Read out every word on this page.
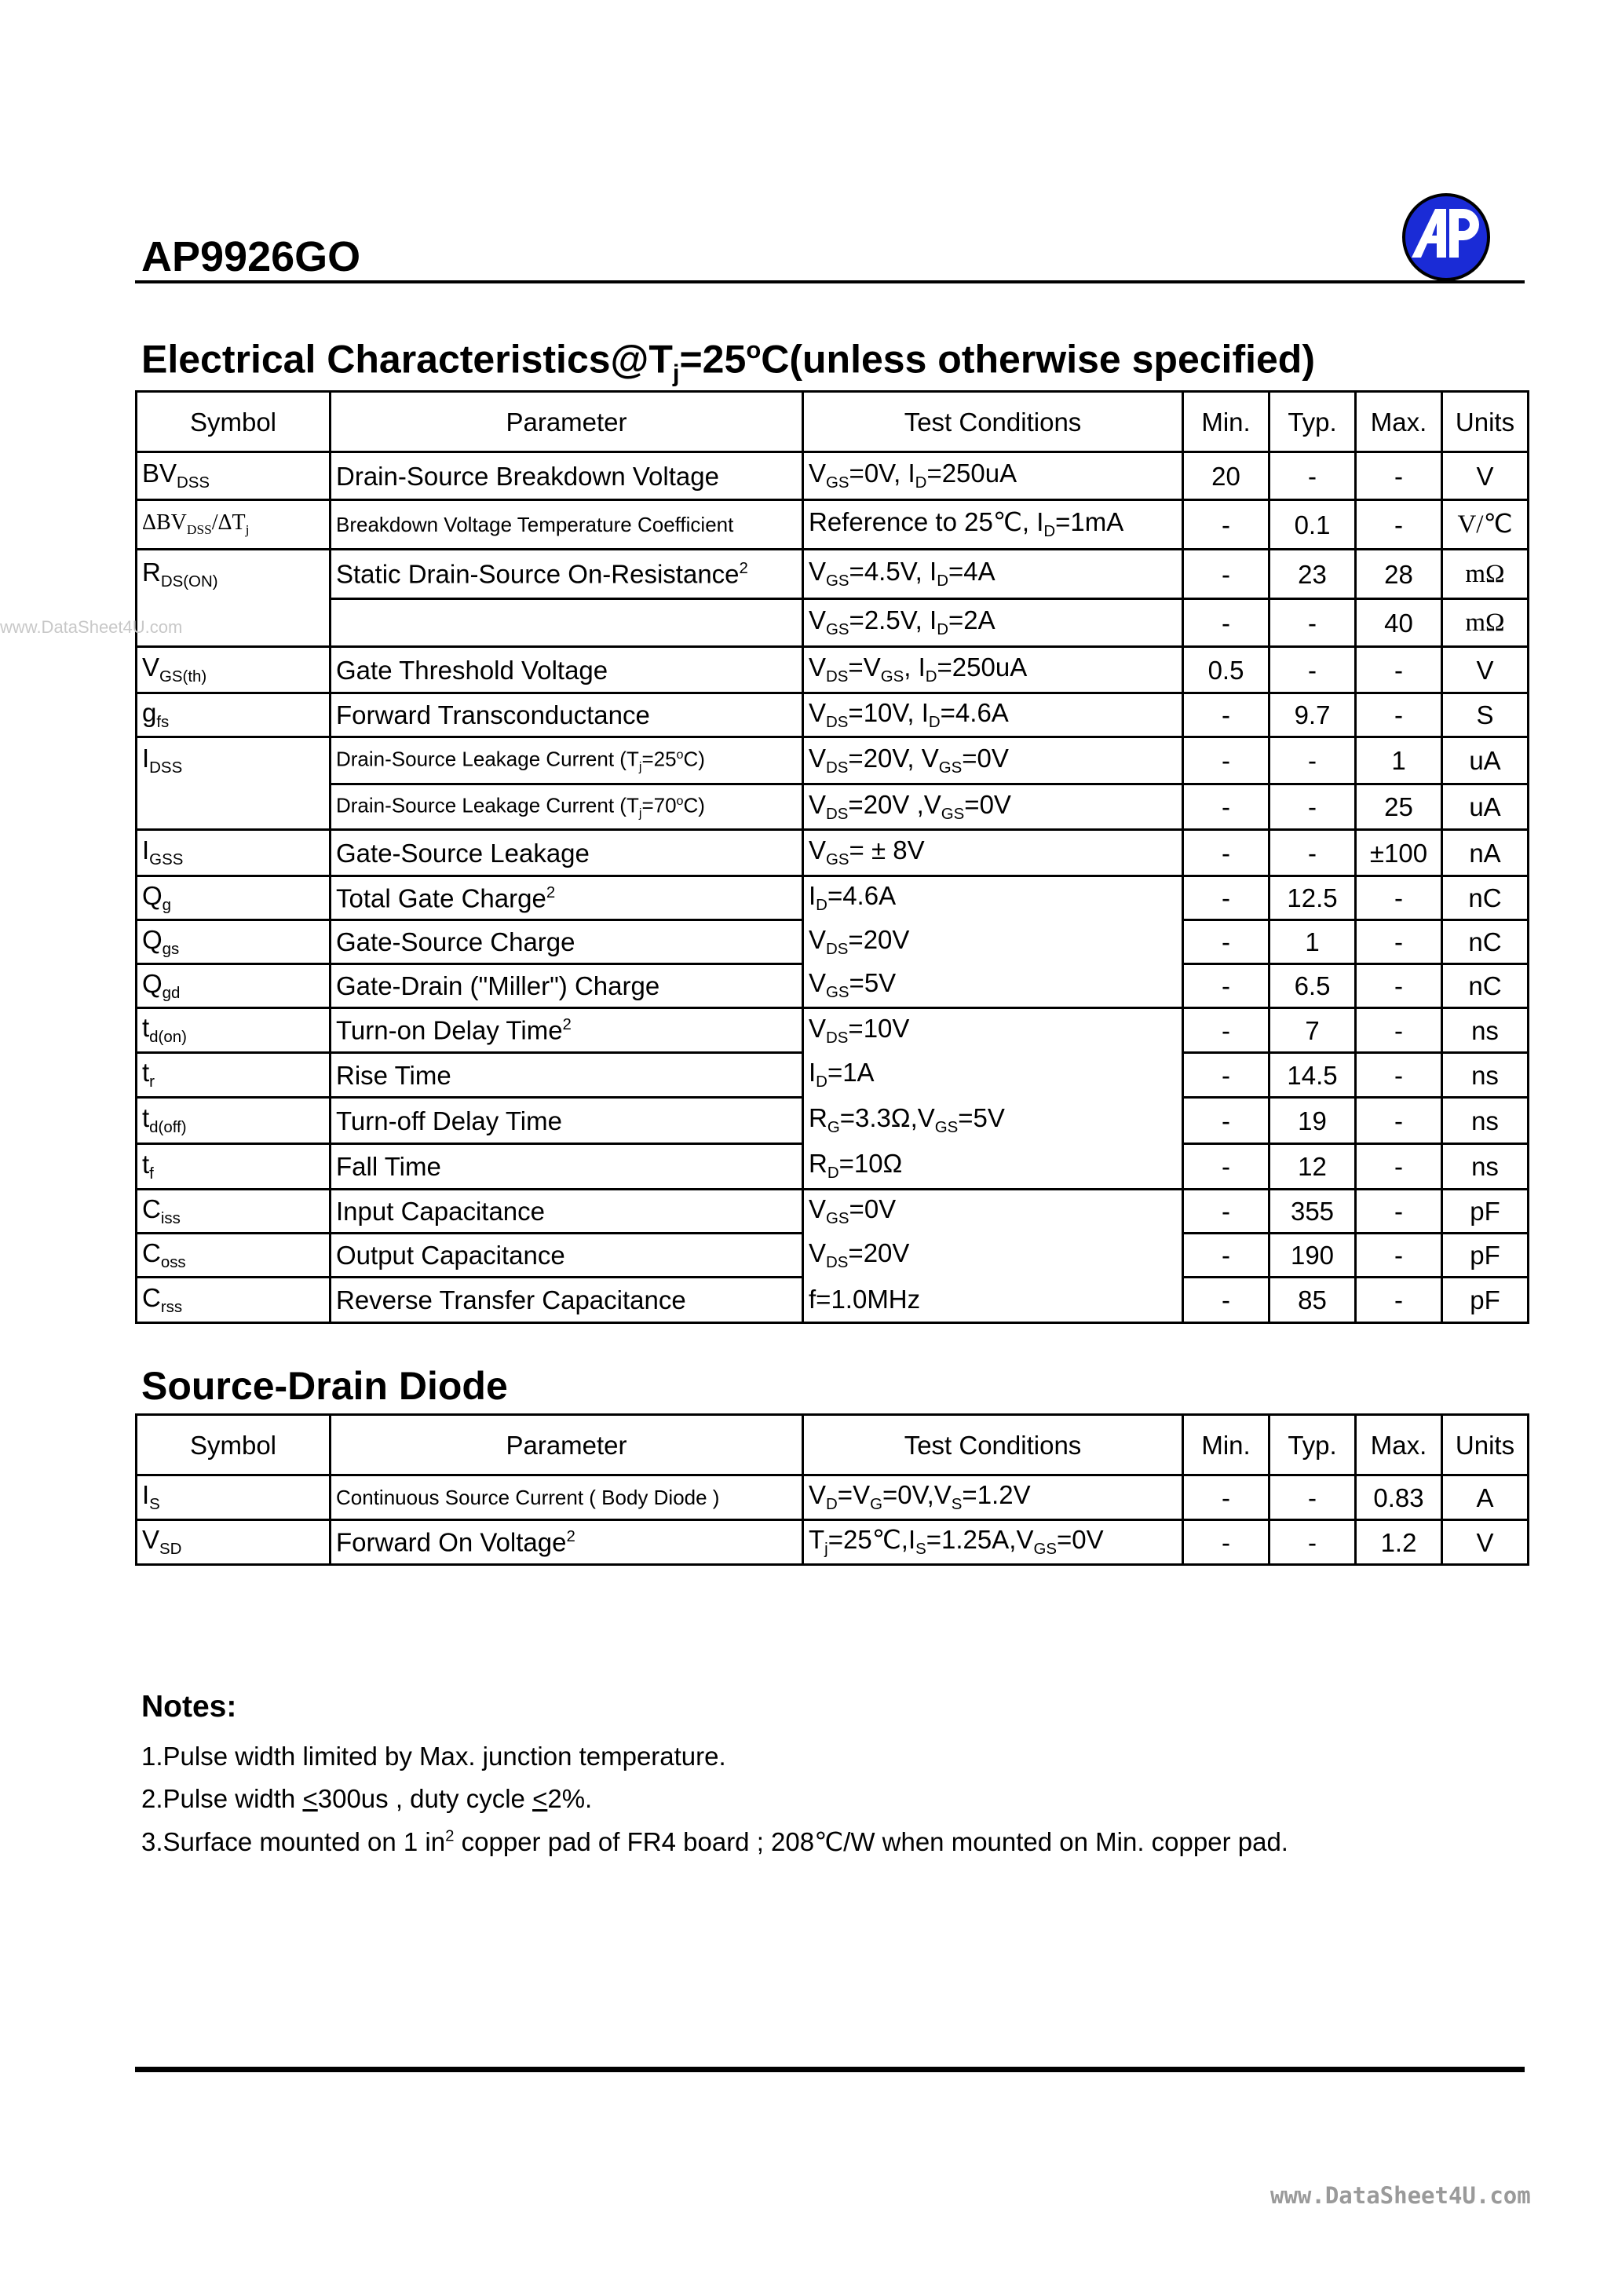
AP9926GO
Electrical $Characteristics@T_j=25^oC(unless$ otherwise specified)
Symbol	Parameter	Test Conditions	Min.	Typ.	Max.	Units
$BV_{DSS}$	Drain-Source Breakdown Voltage	$V_{GS}=0V$, $I_D=250uA$	20	-	-	V
$\Delta BV_{DSS}/\Delta T_j$	Breakdown Voltage Temperature Coefficient	Reference to 25℃, $I_D=1mA$	-	0.1	-	V/℃
$R_{DS(ON)}$	Static Drain-Source On-Resistance$^2$	$V_{GS}=4.5V$, $I_D=4A$	-	23	28	mΩ
		$V_{GS}=2.5V$, $I_D=2A$	-	-	40	mΩ
$V_{GS(th)}$	Gate Threshold Voltage	$V_{DS}=V_{GS}$, $I_D=250uA$	0.5	-	-	V
$g_{fs}$	Forward Transconductance	$V_{DS}=10V$, $I_D=4.6A$	-	9.7	-	S
$I_{DSS}$	Drain-Source Leakage Current $(T_j=25^oC)$	$V_{DS}=20V$, $V_{GS}=0V$	-	-	1	uA
	Drain-Source Leakage Current $(T_j=70^oC)$	$V_{DS}=20V$ $,V_{GS}=0V$	-	-	25	uA
$I_{GSS}$	Gate-Source Leakage	$V_{GS}= \pm 8V$	-	-	±100	nA
$Q_g$	Total Gate Charge$^2$	$I_D=4.6A$	-	12.5	-	nC
$Q_{gs}$	Gate-Source Charge	$V_{DS}=20V$	-	1	-	nC
$Q_{gd}$	Gate-Drain ("Miller") Charge	$V_{GS}=5V$	-	6.5	-	nC
$t_{d(on)}$	Turn-on Delay Time$^2$	$V_{DS}=10V$	-	7	-	ns
$t_r$	Rise Time	$I_D=1A$	-	14.5	-	ns
$t_{d(off)}$	Turn-off Delay Time	$R_G=3.3\Omega,V_{GS}=5V$	-	19	-	ns
$t_f$	Fall Time	$R_D=10\Omega$	-	12	-	ns
$C_{iss}$	Input Capacitance	$V_{GS}=0V$	-	355	-	pF
$C_{oss}$	Output Capacitance	$V_{DS}=20V$	-	190	-	pF
$C_{rss}$	Reverse Transfer Capacitance	f=1.0MHz	-	85	-	pF
www.DataSheet4U.com
Source-Drain Diode
Symbol	Parameter	Test Conditions	Min.	Typ.	Max.	Units
$I_S$	Continuous Source Current ( Body Diode )	$V_D=V_G=0V,V_S=1.2V$	-	-	0.83	A
$V_{SD}$	Forward On Voltage$^2$	$T_j=25℃,I_S=1.25A,V_{GS}=0V$	-	-	1.2	V
Notes:
1.Pulse width limited by Max. junction temperature.
2.Pulse width <300us , duty cycle <2%.
3.Surface mounted on 1 $in^2$ copper pad of FR4 board ; 208℃/W when mounted on Min. copper pad.
www.DataSheet4U.com
